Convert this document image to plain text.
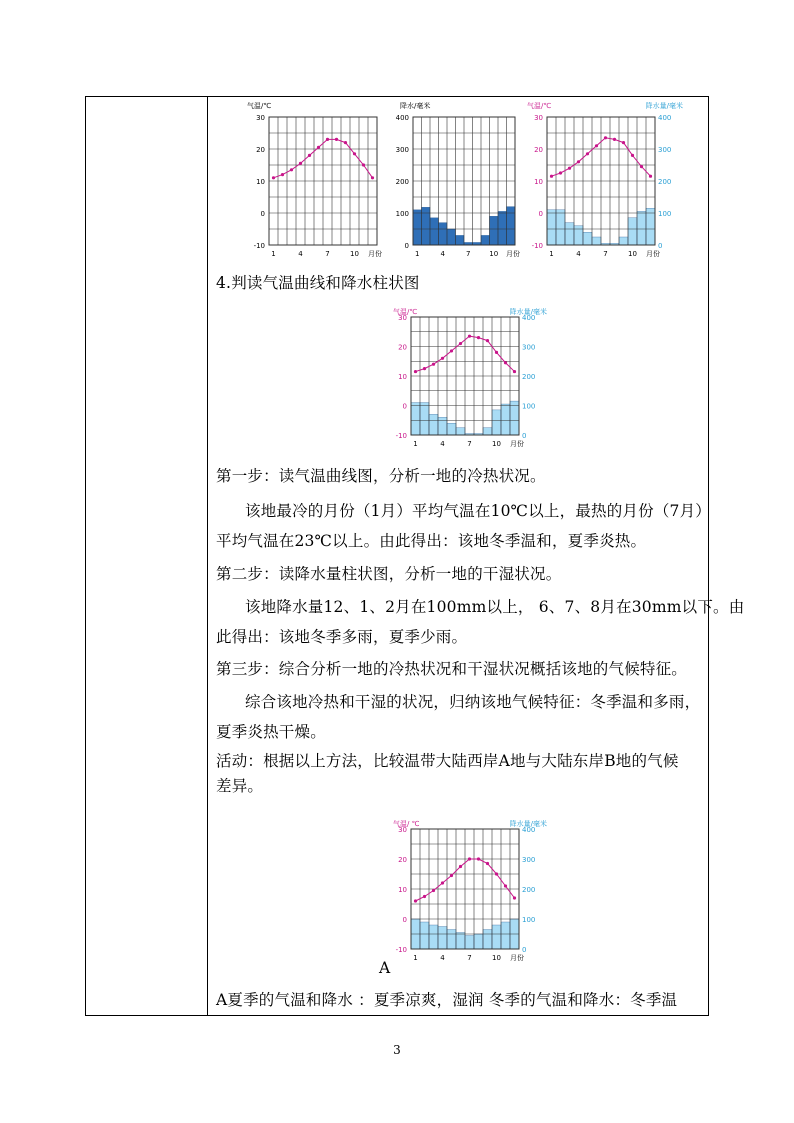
气温/℃
30
20
10
0
-10
1	4	7	10 月份
降水/毫米
400
300
200
100
0
1	4	7	10 月份
气温/℃	降水量/毫米
30
20
10
0
-10
400
300
200
100
0
1	4	7	10 月份
4.判读气温曲线和降水柱状图
气温/℃	降水量/毫米
30
20
10
0
-10
400
300
200
100
0
1	4	7	10 月份
第一步：读气温曲线图，分析一地的冷热状况。
该地最冷的月份（1月）平均气温在10℃以上，最热的月份（7月）
平均气温在23℃以上。由此得出：该地冬季温和，夏季炎热。
第二步：读降水量柱状图，分析一地的干湿状况。
该地降水量12、1、2月在100mm以上， 6、7、8月在30mm以下。由
此得出：该地冬季多雨，夏季少雨。
第三步：综合分析一地的冷热状况和干湿状况概括该地的气候特征。
综合该地冷热和干湿的状况，归纳该地气候特征：冬季温和多雨，
夏季炎热干燥。
活动：根据以上方法，比较温带大陆西岸A地与大陆东岸B地的气候
差异。
气温/ ℃	降水量/毫米
30
20
10
0
-10
400
300
200
100
0
1	4	7	10 月份
A
A夏季的气温和降水 ：夏季凉爽，湿润 冬季的气温和降水：冬季温
3
